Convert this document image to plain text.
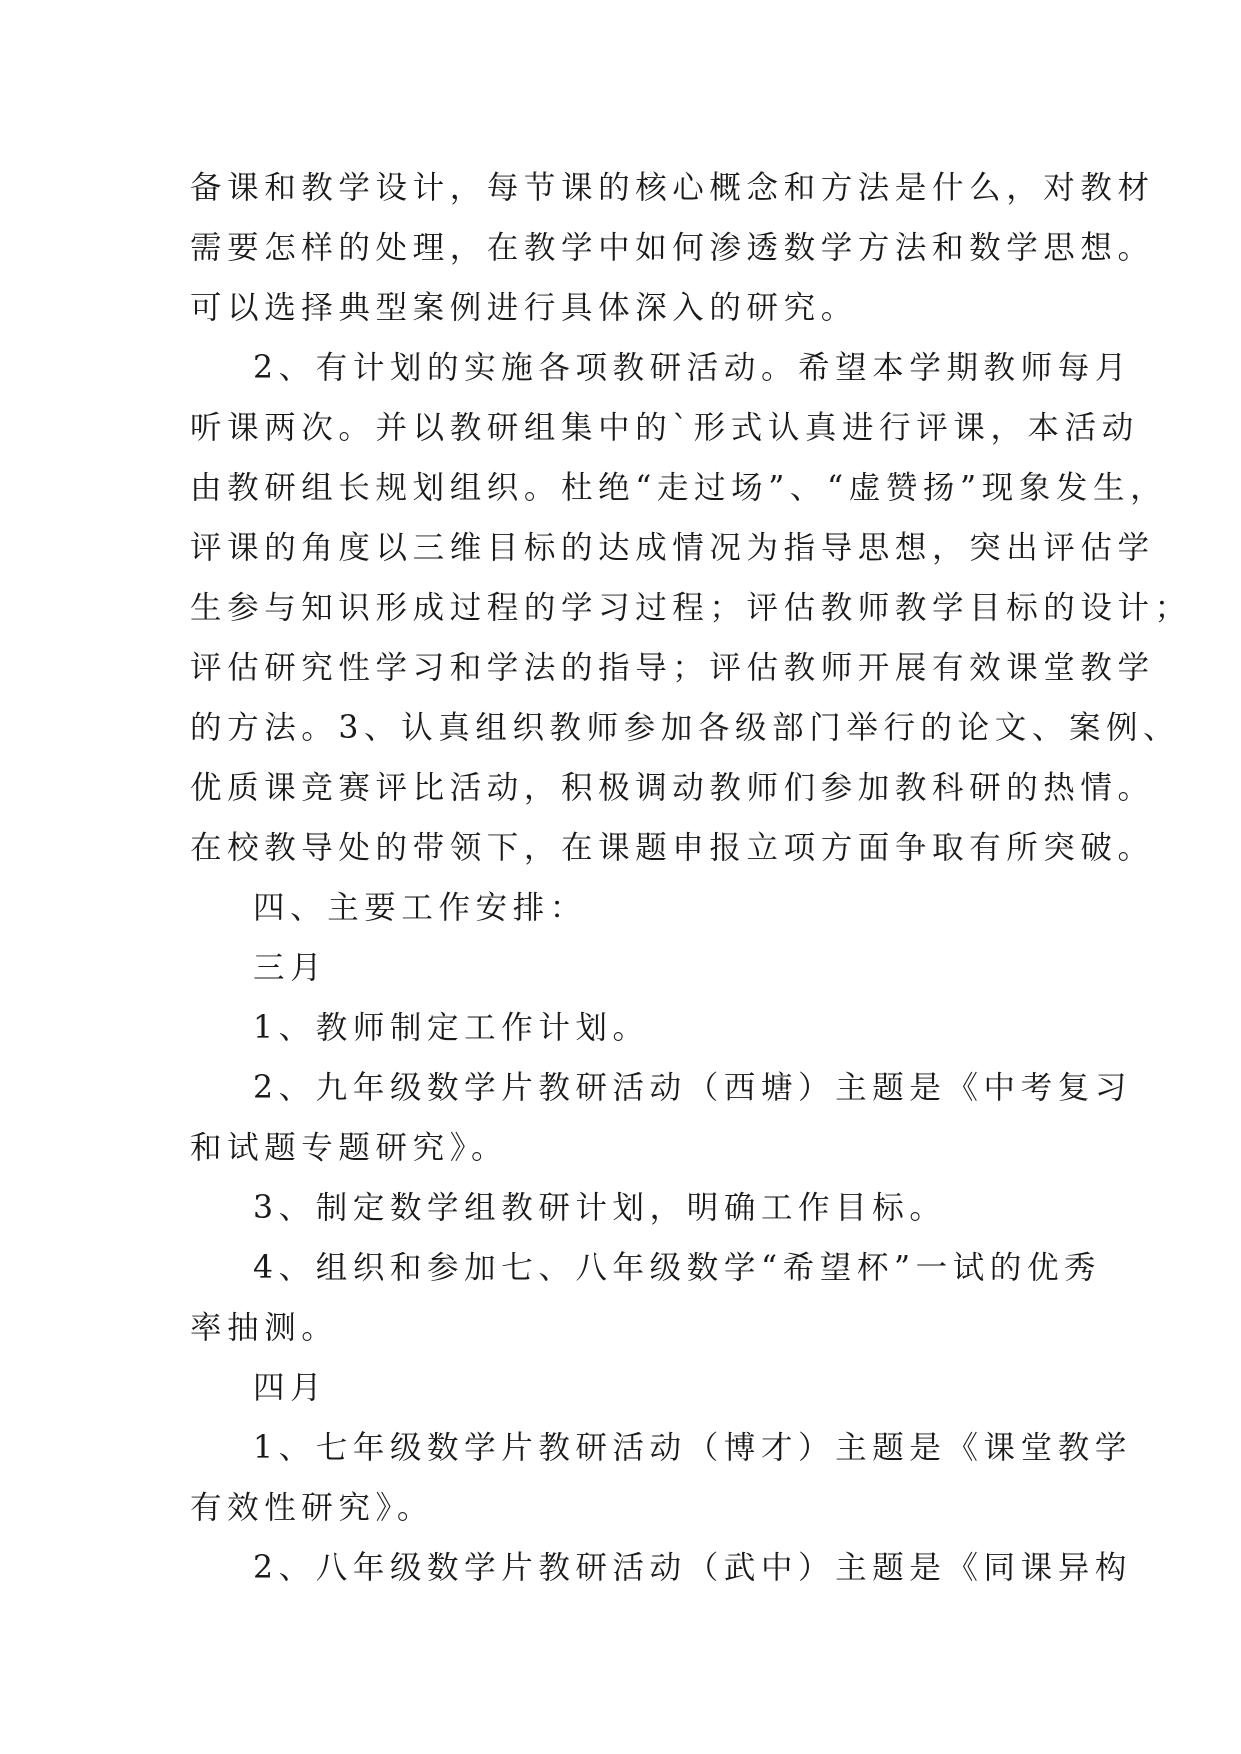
备课和教学设计，每节课的核心概念和方法是什么，对教材
需要怎样的处理，在教学中如何渗透数学方法和数学思想。
可以选择典型案例进行具体深入的研究。
2、有计划的实施各项教研活动。希望本学期教师每月
听课两次。并以教研组集中的`形式认真进行评课，本活动
由教研组长规划组织。杜绝“走过场”、“虚赞扬”现象发生，
评课的角度以三维目标的达成情况为指导思想，突出评估学
生参与知识形成过程的学习过程；评估教师教学目标的设计；
评估研究性学习和学法的指导；评估教师开展有效课堂教学
的方法。3、认真组织教师参加各级部门举行的论文、案例、
优质课竞赛评比活动，积极调动教师们参加教科研的热情。
在校教导处的带领下，在课题申报立项方面争取有所突破。
四、主要工作安排：
三月
1、教师制定工作计划。
2、九年级数学片教研活动（西塘）主题是《中考复习
和试题专题研究》。
3、制定数学组教研计划，明确工作目标。
4、组织和参加七、八年级数学“希望杯”一试的优秀
率抽测。
四月
1、七年级数学片教研活动（博才）主题是《课堂教学
有效性研究》。
2、八年级数学片教研活动（武中）主题是《同课异构
